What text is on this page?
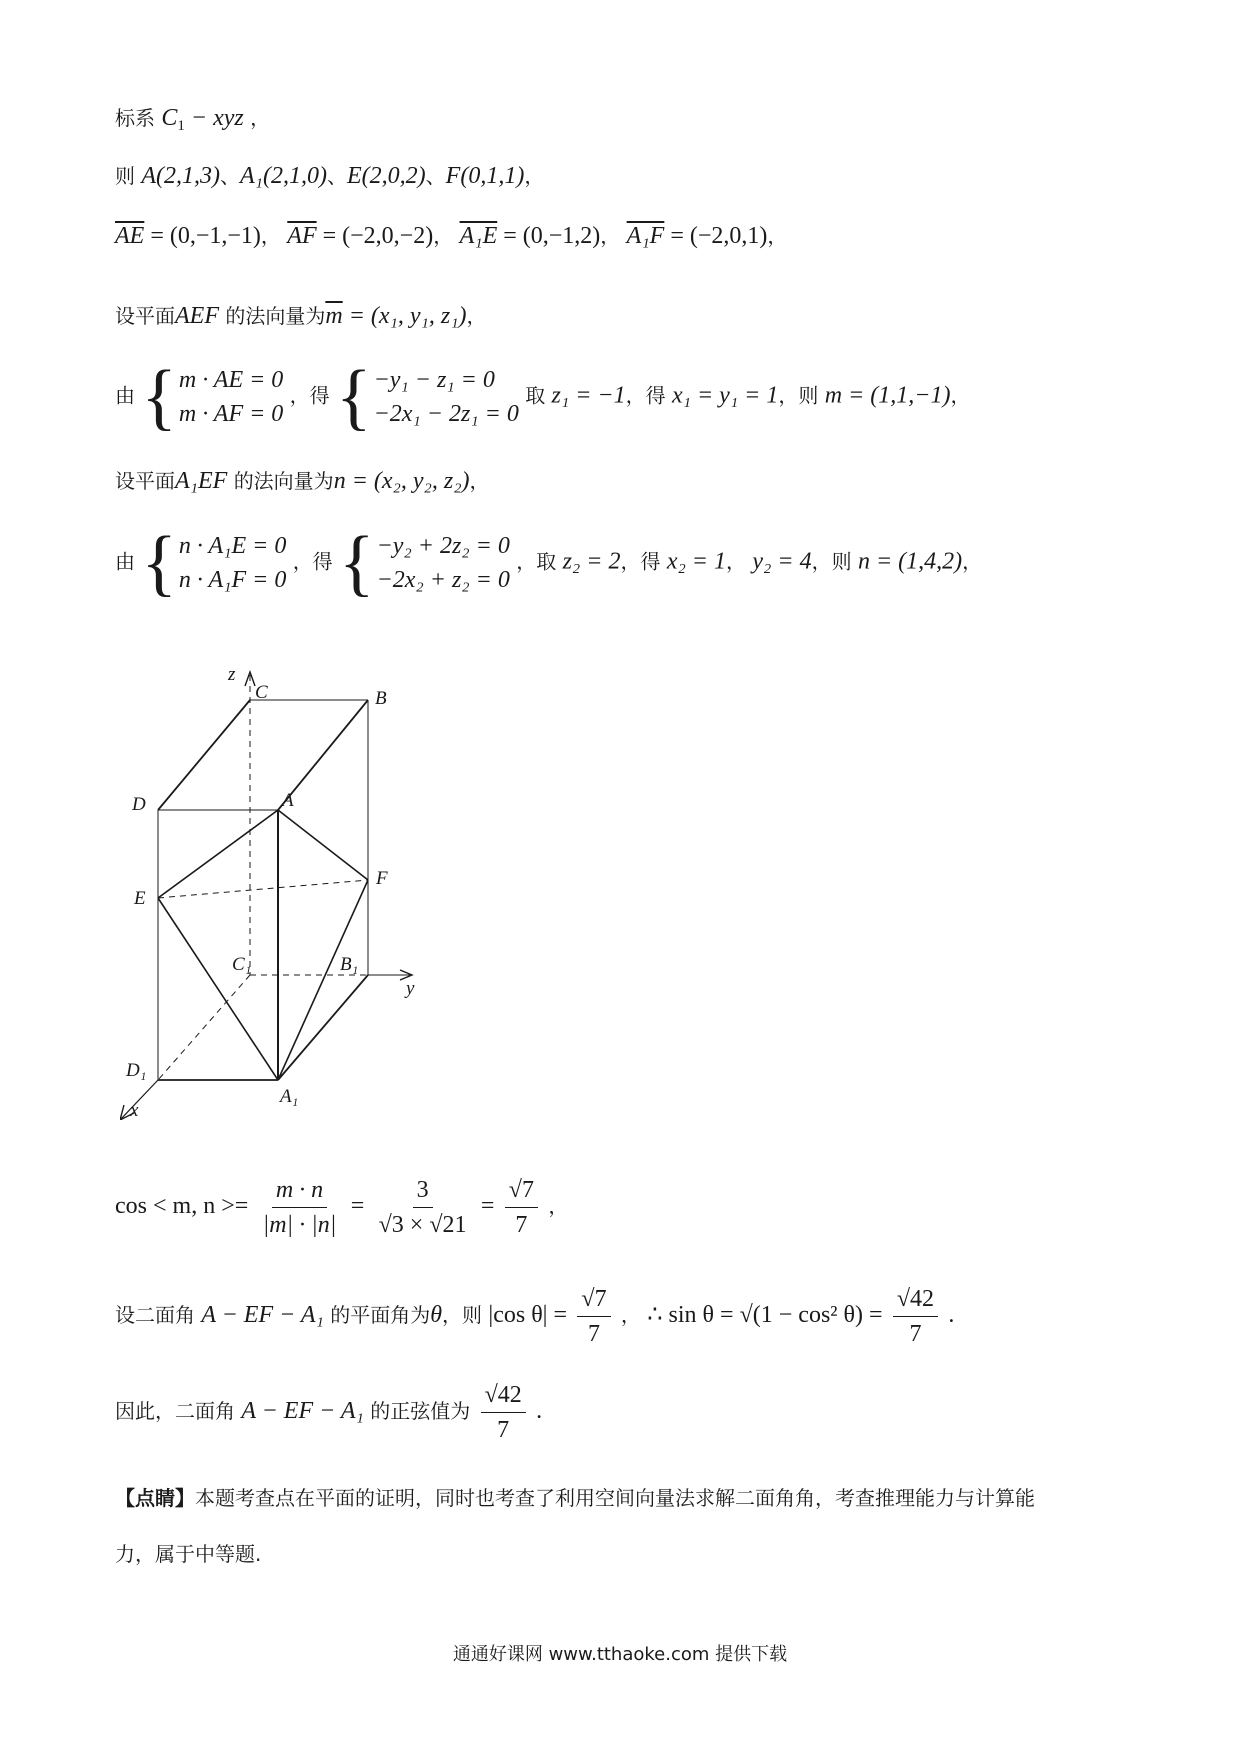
标系 $C_1$ − xyz ，
则 A(2,1,3)、A₁(2,1,0)、E(2,0,2)、F(0,1,1)，
$\overline{AE} = (0,-1,-1)$， $\overline{AF} = (-2,0,-2)$， A₁E = (0,−1,2)， A₁F = (−2,0,1)，
设平面AEF 的法向量为$\overline{m} = (x_1$, y₁, z₁)，
由 { m · AE = 0
m · AF = 0
，得 { −y₁ − z₁ = 0
−2x₁ − 2z₁ = 0
取 z₁ = −1，得 x₁ = y₁ = 1，则 m = (1,1,−1)，
设平面A₁EF 的法向量为n = (x₂, y₂, z₂)，
由 { n · A₁E = 0
n · A₁F = 0
，得 { −y₂ + 2z₂ = 0
−2x₂ + z₂ = 0
，取 z₂ = 2，得 x₂ = 1， y₂ = 4，则 n = (1,4,2)，
z
C	B
D	A
E
F
C₁	B₁
y
D₁
A₁
x
cos < m, $n >= \frac{m \cdot n}{|m| \cdot |n|} = \frac{3}{√3 \times √21} = \frac{√7}{7}$ ，
设二面角 A − EF − A₁ 的平面角为θ，则 |cos $\theta| = \frac{√7}{7}$ ， ∴ sin θ = √(1 − cos² $\theta) = \frac{√42}{7}$ .
因此，二面角 A − EF − A₁ 的正弦值为 $\frac{√42}{7}$ .
【点睛】本题考查点在平面的证明，同时也考查了利用空间向量法求解二面角角，考查推理能力与计算能
力，属于中等题.
通通好课网 www.tthaoke.com 提供下载
